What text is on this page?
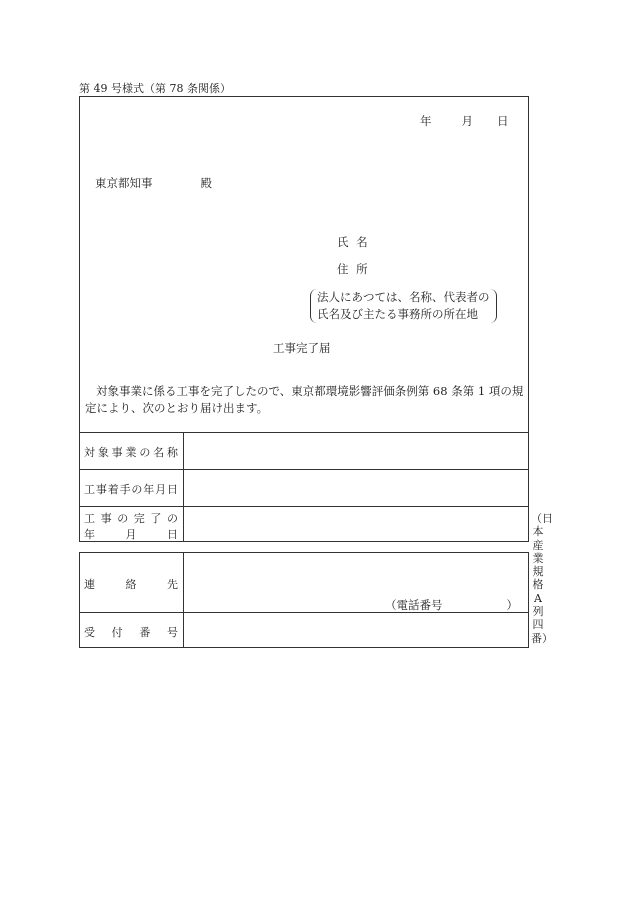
第 49 号様式（第 78 条関係）
年	月 日
東京都知事	殿
氏 名
住 所
法人にあつては、名称、代表者の
氏名及び主たる事務所の所在地
工事完了届
対象事業に係る工事を完了したので、東京都環境影響評価条例第 68 条第 1 項の規定により、次のとおり届け出ます。
対象事業の名称
工事着手の年月日
工事の完了の
年月日
連 絡 先
（電話番号	）
受 付 番 号
（日本産業規格A列四番）
